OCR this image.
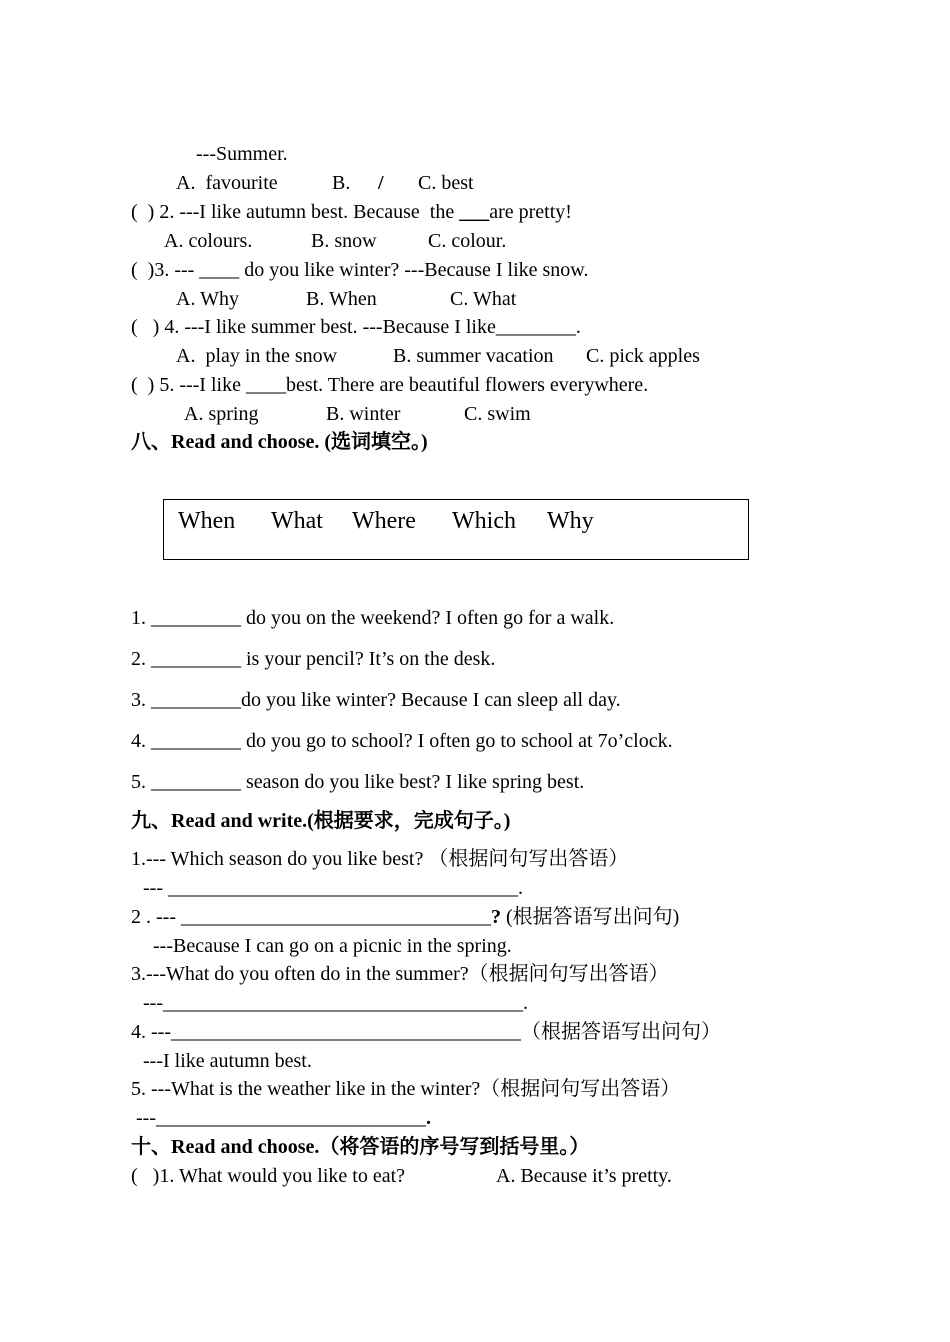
---Summer.
A.  favourite	B. / C. best
(  ) 2. ---I like autumn best. Because  the ___are pretty!
A. colours.	B. snow	C. colour.
(  )3. --- ____ do you like winter? ---Because I like snow.
A. Why	B. When	C. What
(   ) 4. ---I like summer best. ---Because I like________.
A.  play in the snow	B. summer vacation C. pick apples
(  ) 5. ---I like ____best. There are beautiful flowers everywhere.
A. spring	B. winter	C. swim
八、Read and choose. (选词填空。)
When What Where Which Why
1. _________ do you on the weekend? I often go for a walk.
2. _________ is your pencil? It’s on the desk.
3. _________do you like winter? Because I can sleep all day.
4. _________ do you go to school? I often go to school at 7o’clock.
5. _________ season do you like best? I like spring best.
九、Read and write.(根据要求，完成句子。)
1.--- Which season do you like best? （根据问句写出答语）
--- ___________________________________.
2 . --- _______________________________? (根据答语写出问句)
---Because I can go on a picnic in the spring.
3.---What do you often do in the summer?（根据问句写出答语）
---____________________________________.
4. ---___________________________________（根据答语写出问句）
---I like autumn best.
5. ---What is the weather like in the winter?（根据问句写出答语）
---___________________________.
十、Read and choose.（将答语的序号写到括号里。）
(   )1. What would you like to eat?	A. Because it’s pretty.
